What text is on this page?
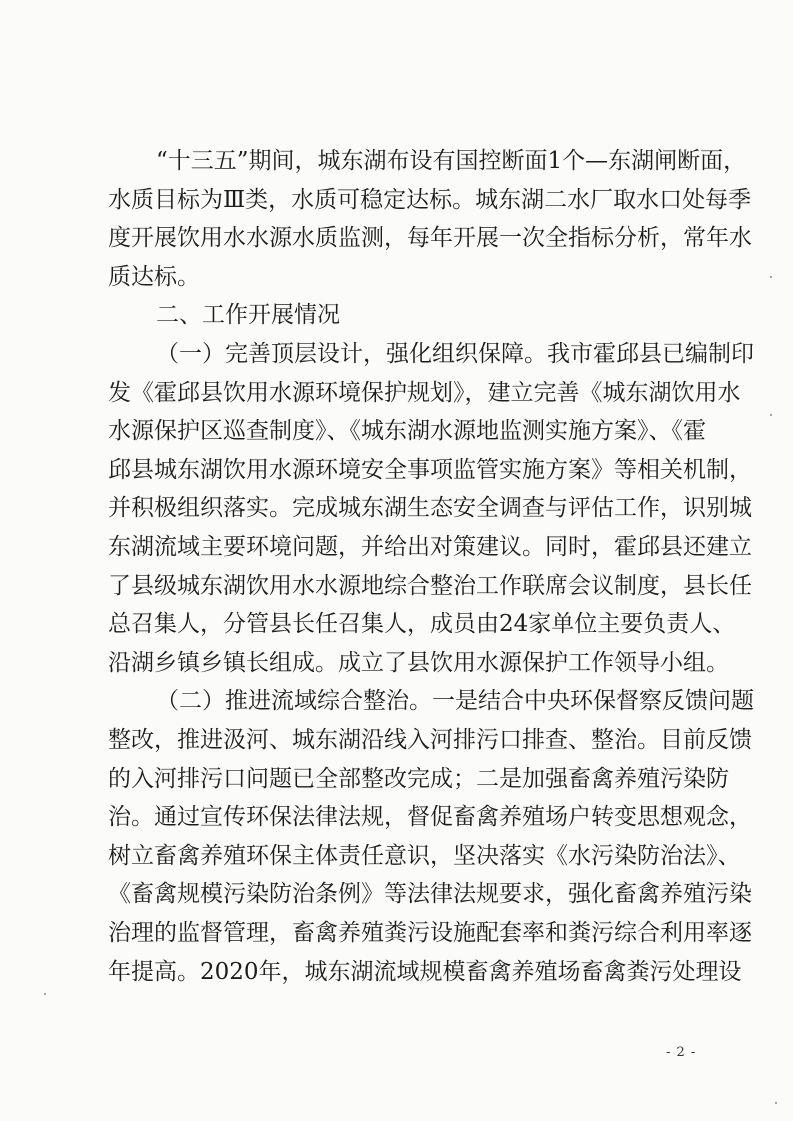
“十三五”期间，城东湖布设有国控断面1个—东湖闸断面，
水质目标为Ⅲ类，水质可稳定达标。城东湖二水厂取水口处每季
度开展饮用水水源水质监测，每年开展一次全指标分析，常年水
质达标。
二、工作开展情况
（一）完善顶层设计，强化组织保障。我市霍邱县已编制印
发《霍邱县饮用水源环境保护规划》，建立完善《城东湖饮用水
水源保护区巡查制度》、《城东湖水源地监测实施方案》、《霍
邱县城东湖饮用水源环境安全事项监管实施方案》等相关机制，
并积极组织落实。完成城东湖生态安全调查与评估工作，识别城
东湖流域主要环境问题，并给出对策建议。同时，霍邱县还建立
了县级城东湖饮用水水源地综合整治工作联席会议制度，县长任
总召集人，分管县长任召集人，成员由24家单位主要负责人、
沿湖乡镇乡镇长组成。成立了县饮用水源保护工作领导小组。
（二）推进流域综合整治。一是结合中央环保督察反馈问题
整改，推进汲河、城东湖沿线入河排污口排查、整治。目前反馈
的入河排污口问题已全部整改完成；二是加强畜禽养殖污染防
治。通过宣传环保法律法规，督促畜禽养殖场户转变思想观念，
树立畜禽养殖环保主体责任意识，坚决落实《水污染防治法》、
《畜禽规模污染防治条例》等法律法规要求，强化畜禽养殖污染
治理的监督管理，畜禽养殖粪污设施配套率和粪污综合利用率逐
年提高。2020年，城东湖流域规模畜禽养殖场畜禽粪污处理设
- 2 -
